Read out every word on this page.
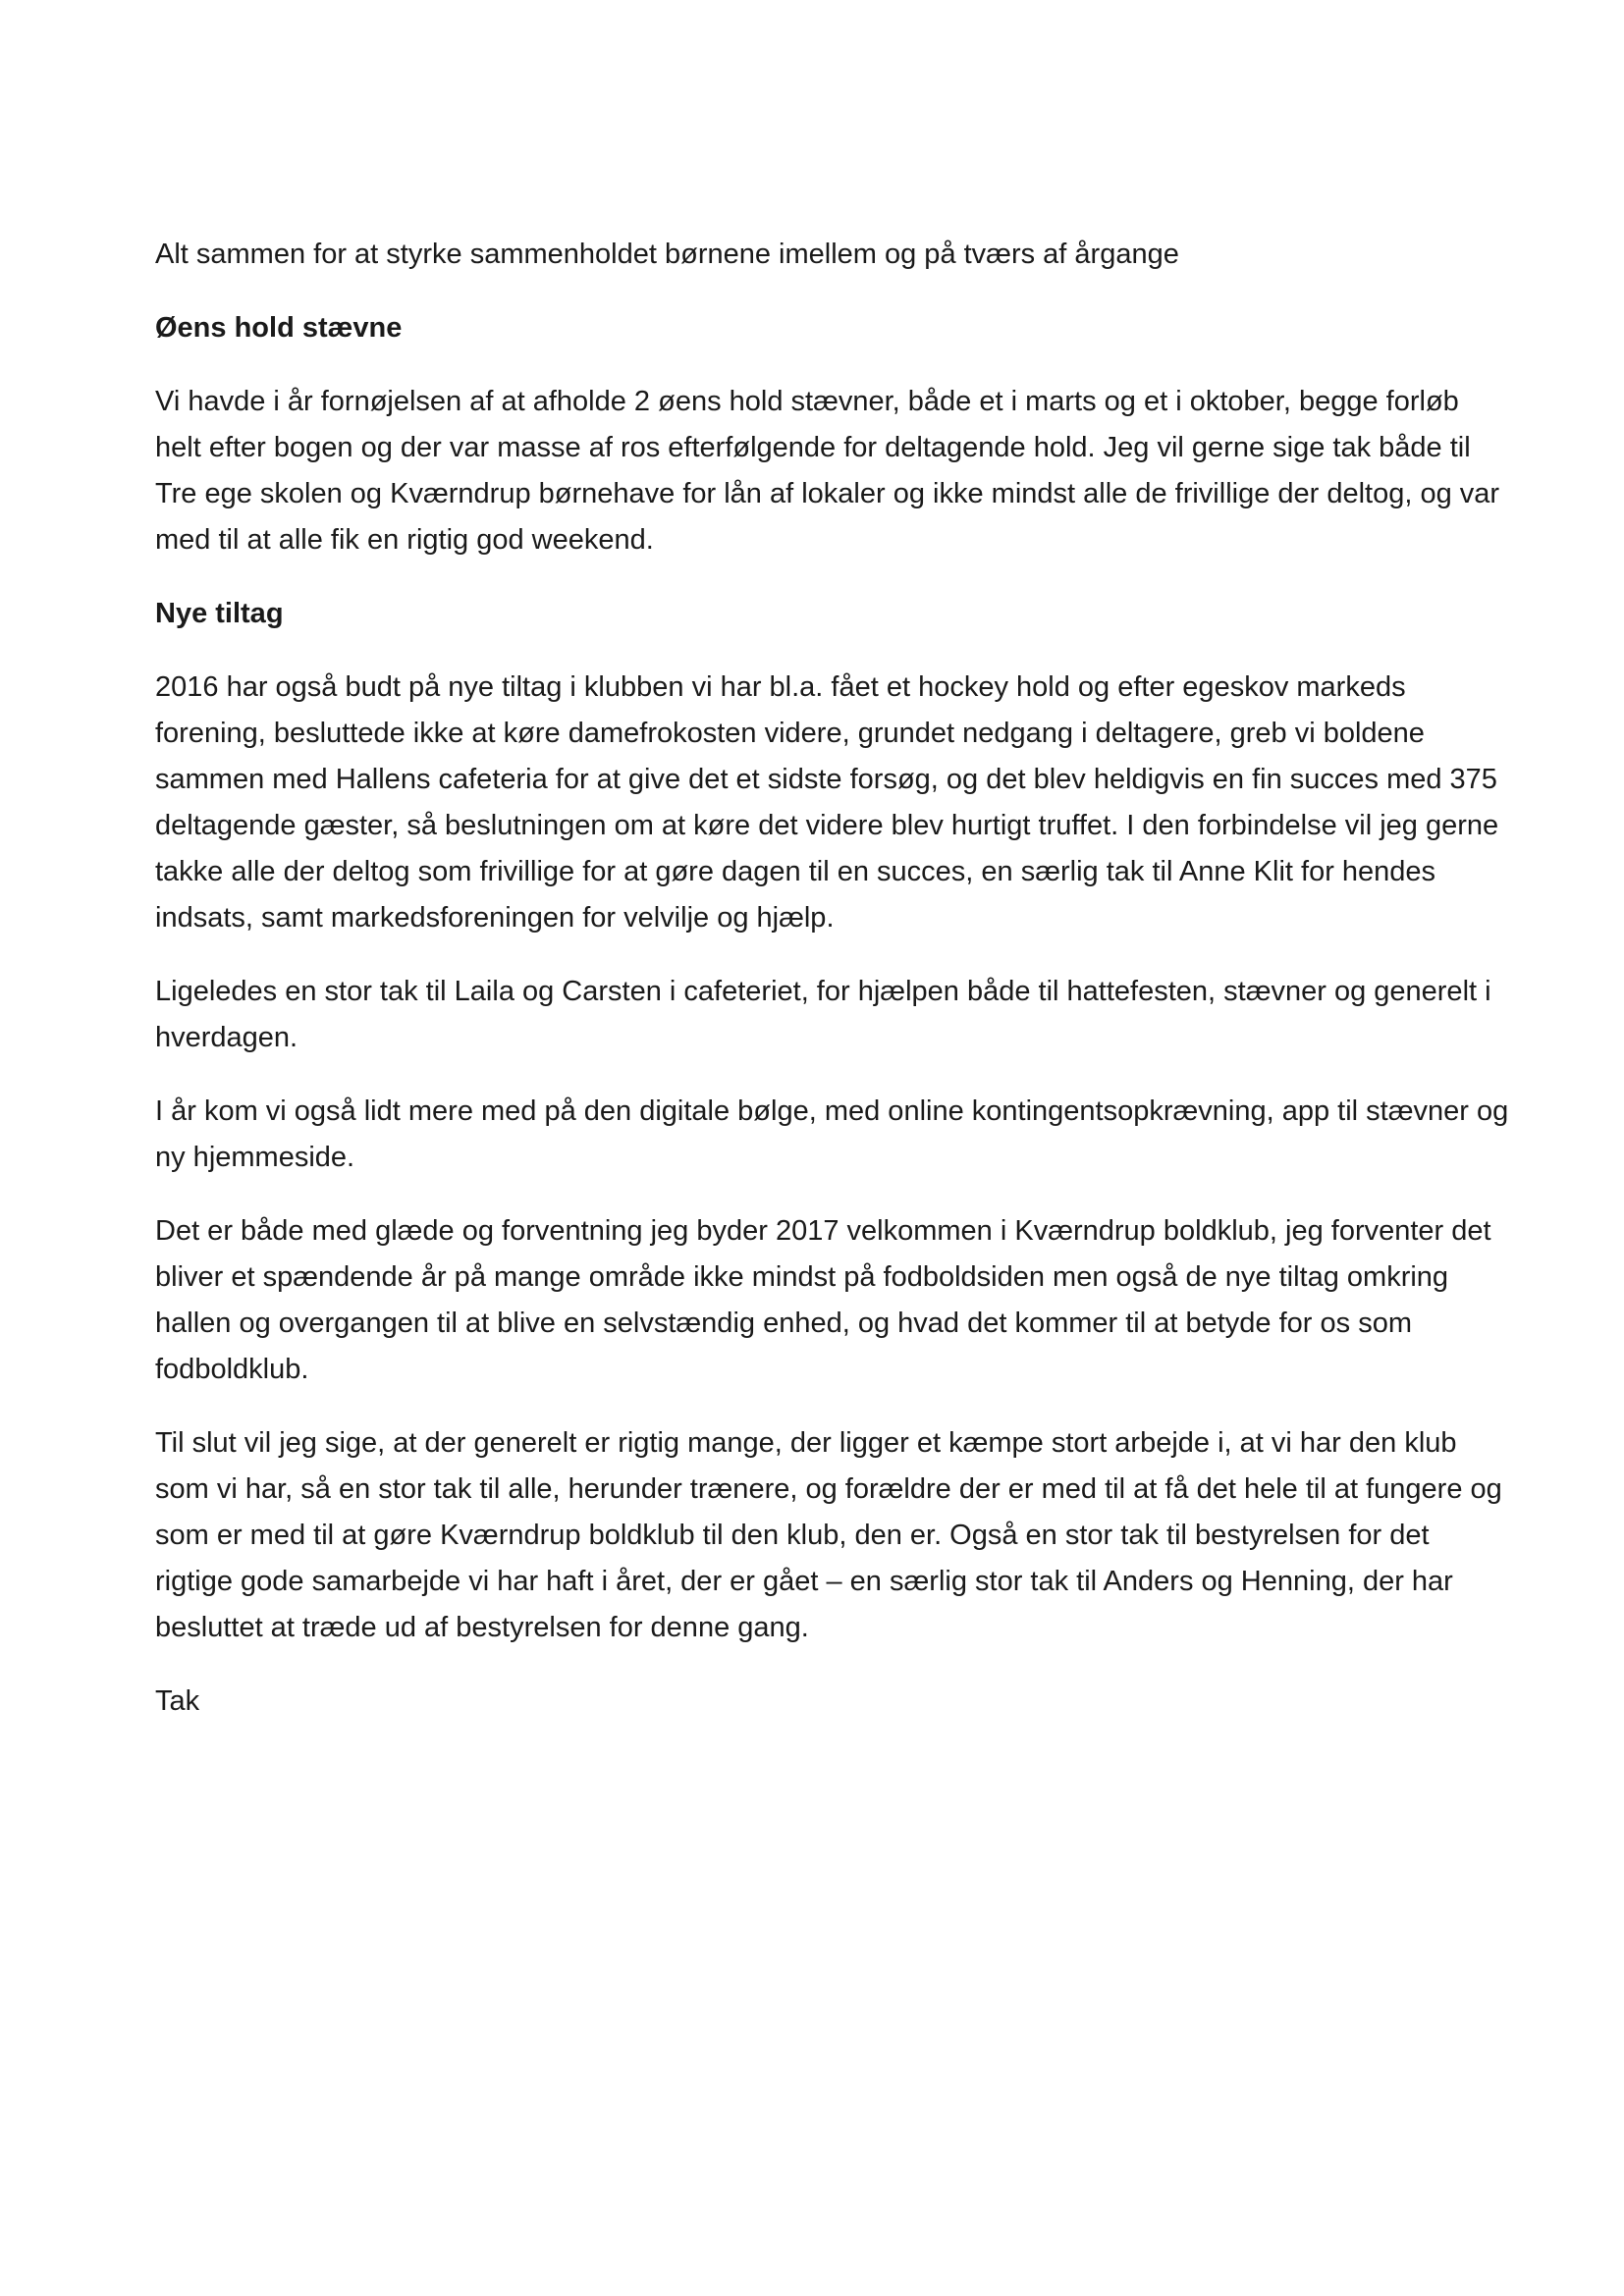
Alt sammen for at styrke sammenholdet børnene imellem og på tværs af årgange

Øens hold stævne

Vi havde i år fornøjelsen af at afholde 2 øens hold stævner, både et i marts og et i oktober, begge forløb helt efter bogen og der var masse af ros efterfølgende for deltagende hold. Jeg vil gerne sige tak både til Tre ege skolen og Kværndrup børnehave for lån af lokaler og ikke mindst alle de frivillige der deltog, og var med til at alle fik en rigtig god weekend.

Nye tiltag

2016 har også budt på nye tiltag i klubben vi har bl.a. fået et hockey hold og efter egeskov markeds forening, besluttede ikke at køre damefrokosten videre, grundet nedgang i deltagere, greb vi boldene sammen med Hallens cafeteria for at give det et sidste forsøg, og det blev heldigvis en fin succes med 375 deltagende gæster, så beslutningen om at køre det videre blev hurtigt truffet. I den forbindelse vil jeg gerne takke alle der deltog som frivillige for at gøre dagen til en succes, en særlig tak til Anne Klit for hendes indsats, samt markedsforeningen for velvilje og hjælp.

Ligeledes en stor tak til Laila og Carsten i cafeteriet, for hjælpen både til hattefesten, stævner og generelt i hverdagen.

I år kom vi også lidt mere med på den digitale bølge, med online kontingentsopkrævning, app til stævner og ny hjemmeside.

Det er både med glæde og forventning jeg byder 2017 velkommen i Kværndrup boldklub, jeg forventer det bliver et spændende år på mange område ikke mindst på fodboldsiden men også de nye tiltag omkring hallen og overgangen til at blive en selvstændig enhed, og hvad det kommer til at betyde for os som fodboldklub.

Til slut vil jeg sige, at der generelt er rigtig mange, der ligger et kæmpe stort arbejde i, at vi har den klub som vi har, så en stor tak til alle, herunder trænere, og forældre der er med til at få det hele til at fungere og som er med til at gøre Kværndrup boldklub til den klub, den er. Også en stor tak til bestyrelsen for det rigtige gode samarbejde vi har haft i året, der er gået – en særlig stor tak til Anders og Henning, der har besluttet at træde ud af bestyrelsen for denne gang.

Tak
